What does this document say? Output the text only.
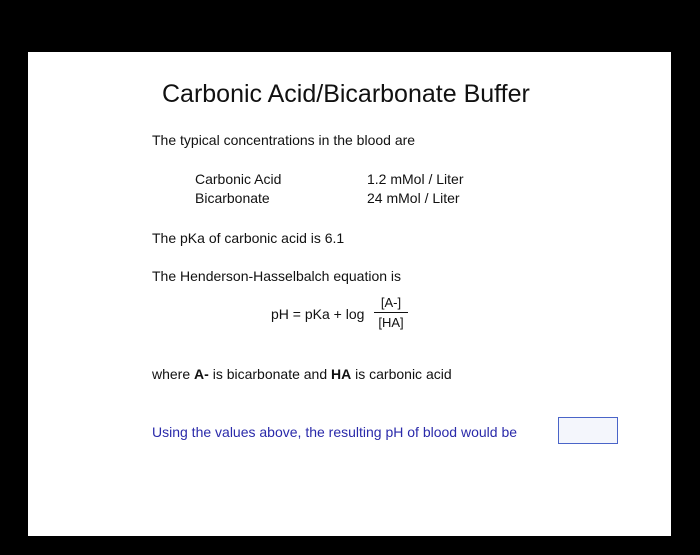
Carbonic Acid/Bicarbonate Buffer
The typical concentrations in the blood are
Carbonic Acid	1.2 mMol / Liter
Bicarbonate	24 mMol / Liter
The pKa of carbonic acid is 6.1
The Henderson-Hasselbalch equation is
pH = pKa + log
[A-]
[HA]
where A- is bicarbonate and HA is carbonic acid
Using the values above, the resulting pH of blood would be
